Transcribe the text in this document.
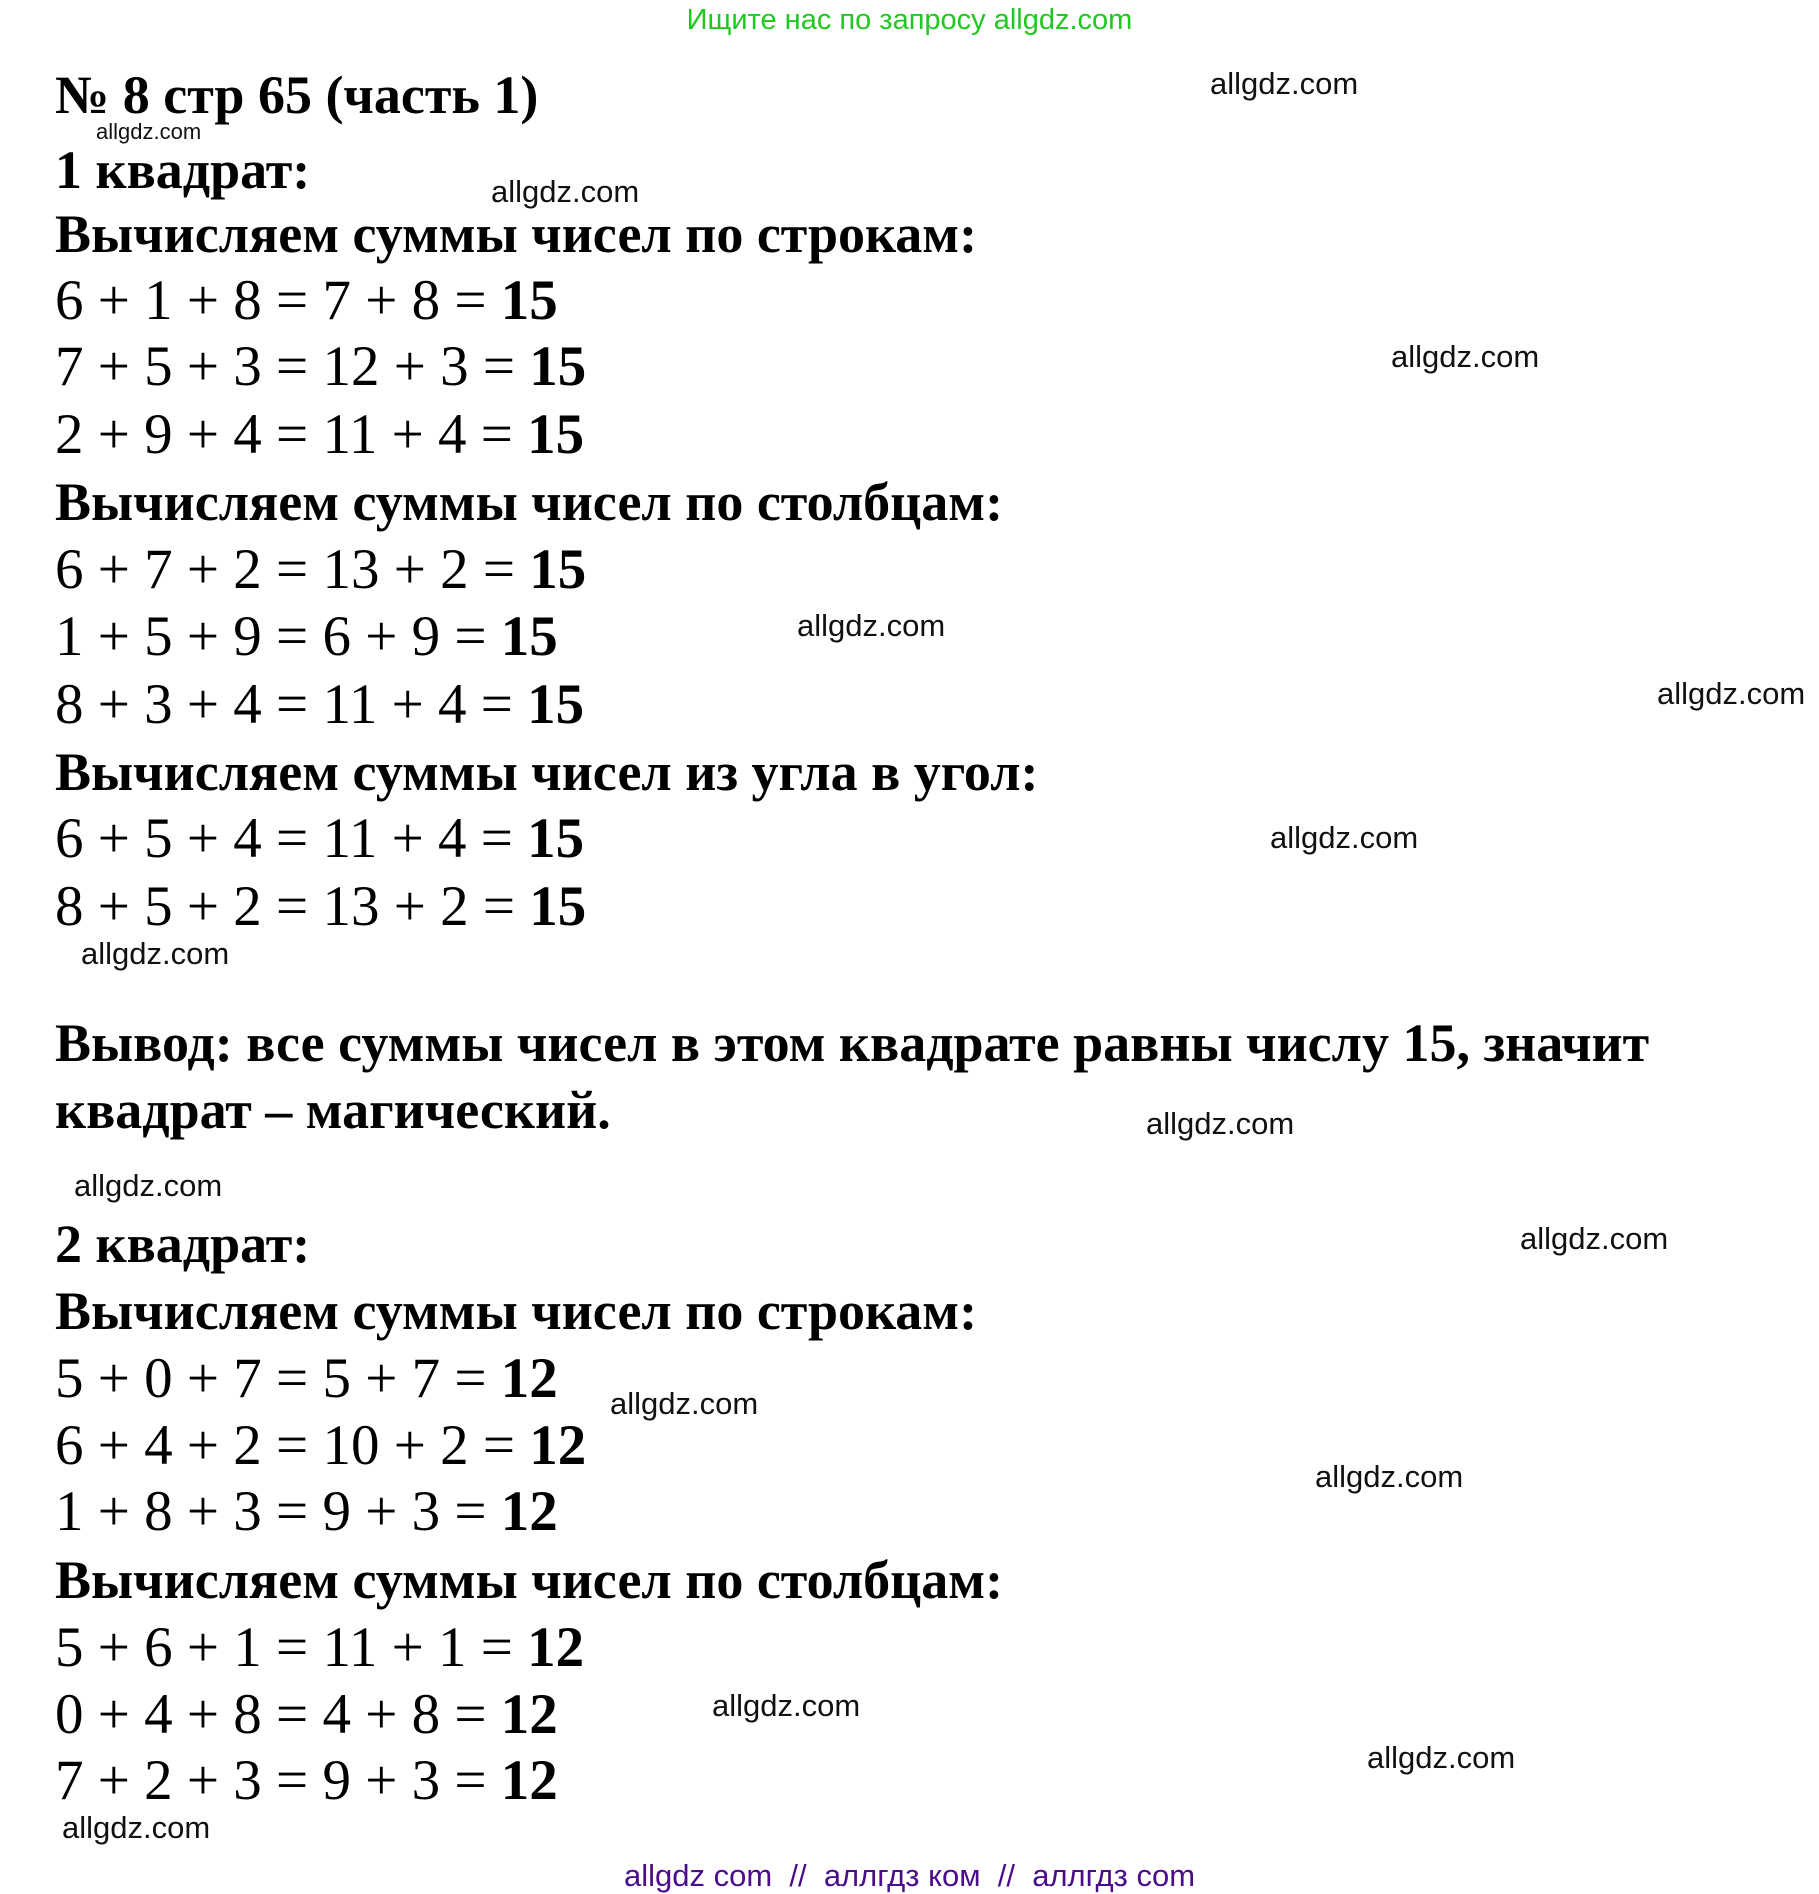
Ищите нас по запросу allgdz.com
№ 8 стр 65 (часть 1)
1 квадрат:
Вычисляем суммы чисел по строкам:
6 + 1 + 8 = 7 + 8 = 15
7 + 5 + 3 = 12 + 3 = 15
2 + 9 + 4 = 11 + 4 = 15
Вычисляем суммы чисел по столбцам:
6 + 7 + 2 = 13 + 2 = 15
1 + 5 + 9 = 6 + 9 = 15
8 + 3 + 4 = 11 + 4 = 15
Вычисляем суммы чисел из угла в угол:
6 + 5 + 4 = 11 + 4 = 15
8 + 5 + 2 = 13 + 2 = 15
Вывод: все суммы чисел в этом квадрате равны числу 15, значит
квадрат – магический.
2 квадрат:
Вычисляем суммы чисел по строкам:
5 + 0 + 7 = 5 + 7 = 12
6 + 4 + 2 = 10 + 2 = 12
1 + 8 + 3 = 9 + 3 = 12
Вычисляем суммы чисел по столбцам:
5 + 6 + 1 = 11 + 1 = 12
0 + 4 + 8 = 4 + 8 = 12
7 + 2 + 3 = 9 + 3 = 12
allgdz.com
allgdz.com
allgdz.com
allgdz.com
allgdz.com
allgdz.com
allgdz.com
allgdz.com
allgdz.com
allgdz.com
allgdz.com
allgdz.com
allgdz.com
allgdz.com
allgdz.com
allgdz.com
allgdz com  //  аллгдз ком  //  аллгдз com
